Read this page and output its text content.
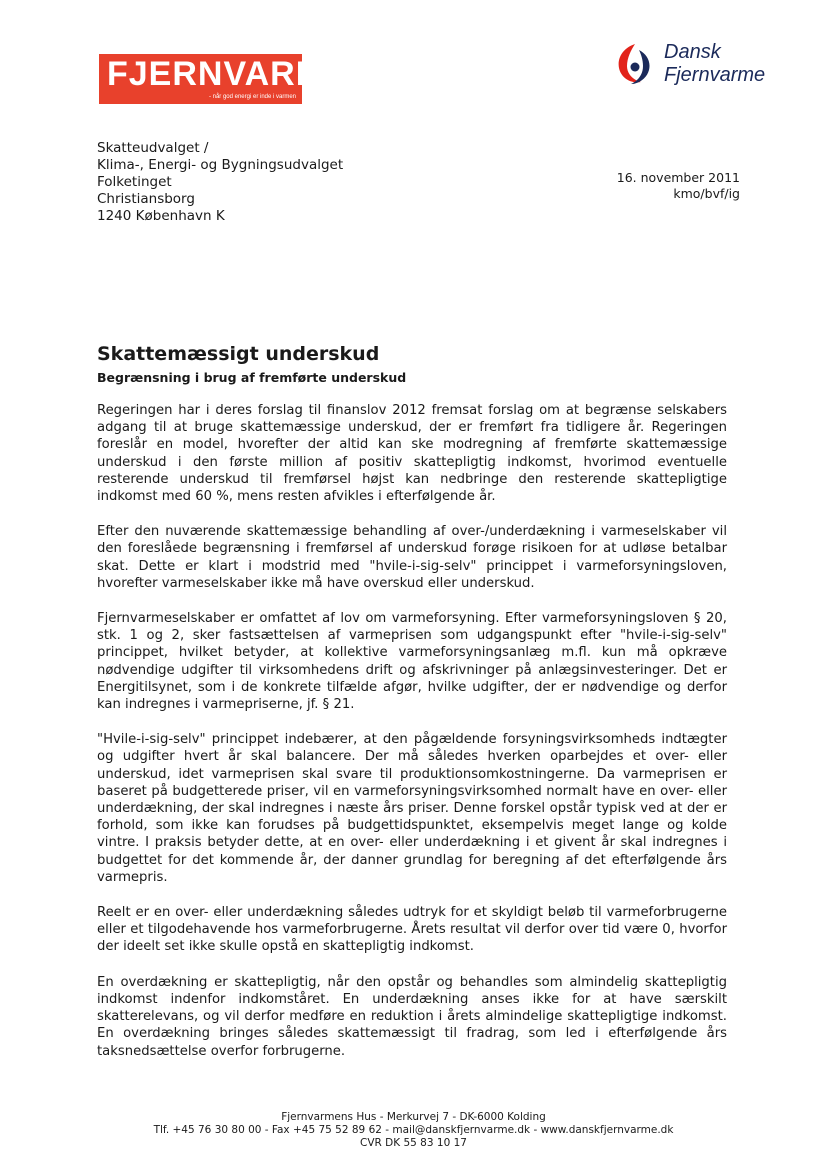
FJERNVARME
- når god energi er inde i varmen
Dansk
Fjernvarme
Skatteudvalget /
Klima-, Energi- og Bygningsudvalget
Folketinget
Christiansborg
1240 København K
16. november 2011
kmo/bvf/ig
Skattemæssigt underskud
Begrænsning i brug af fremførte underskud

Regeringen har i deres forslag til finanslov 2012 fremsat forslag om at begrænse selskabers adgang til at bruge skattemæssige underskud, der er fremført fra tidligere år. Regeringen foreslår en model, hvorefter der altid kan ske modregning af fremførte skattemæssige underskud i den første million af positiv skattepligtig indkomst, hvorimod eventuelle resterende underskud til fremførsel højst kan nedbringe den resterende skattepligtige indkomst med 60 %, mens resten afvikles i efterfølgende år.

Efter den nuværende skattemæssige behandling af over-/underdækning i varmeselskaber vil den foreslåede begrænsning i fremførsel af underskud forøge risikoen for at udløse betalbar skat. Dette er klart i modstrid med "hvile-i-sig-selv" princippet i varmeforsyningsloven, hvorefter varmeselskaber ikke må have overskud eller underskud.

Fjernvarmeselskaber er omfattet af lov om varmeforsyning. Efter varmeforsyningsloven § 20, stk. 1 og 2, sker fastsættelsen af varmeprisen som udgangspunkt efter "hvile-i-sig-selv" princippet, hvilket betyder, at kollektive varmeforsyningsanlæg m.fl. kun må opkræve nødvendige udgifter til virksomhedens drift og afskrivninger på anlægsinvesteringer. Det er Energitilsynet, som i de konkrete tilfælde afgør, hvilke udgifter, der er nødvendige og derfor kan indregnes i varmepriserne, jf. § 21.

"Hvile-i-sig-selv" princippet indebærer, at den pågældende forsyningsvirksomheds indtægter og udgifter hvert år skal balancere. Der må således hverken oparbejdes et over- eller underskud, idet varmeprisen skal svare til produktionsomkostningerne. Da varmeprisen er baseret på budgetterede priser, vil en varmeforsyningsvirksomhed normalt have en over- eller underdækning, der skal indregnes i næste års priser. Denne forskel opstår typisk ved at der er forhold, som ikke kan forudses på budgettidspunktet, eksempelvis meget lange og kolde vintre. I praksis betyder dette, at en over- eller underdækning i et givent år skal indregnes i budgettet for det kommende år, der danner grundlag for beregning af det efterfølgende års varmepris.

Reelt er en over- eller underdækning således udtryk for et skyldigt beløb til varmeforbrugerne eller et tilgodehavende hos varmeforbrugerne. Årets resultat vil derfor over tid være 0, hvorfor der ideelt set ikke skulle opstå en skattepligtig indkomst.

En overdækning er skattepligtig, når den opstår og behandles som almindelig skattepligtig indkomst indenfor indkomståret. En underdækning anses ikke for at have særskilt skatterelevans, og vil derfor medføre en reduktion i årets almindelige skattepligtige indkomst. En overdækning bringes således skattemæssigt til fradrag, som led i efterfølgende års taksnedsættelse overfor forbrugerne.

Fjernvarmens Hus - Merkurvej 7 - DK-6000 Kolding
Tlf. +45 76 30 80 00 - Fax +45 75 52 89 62 - mail@danskfjernvarme.dk - www.danskfjernvarme.dk
CVR DK 55 83 10 17
